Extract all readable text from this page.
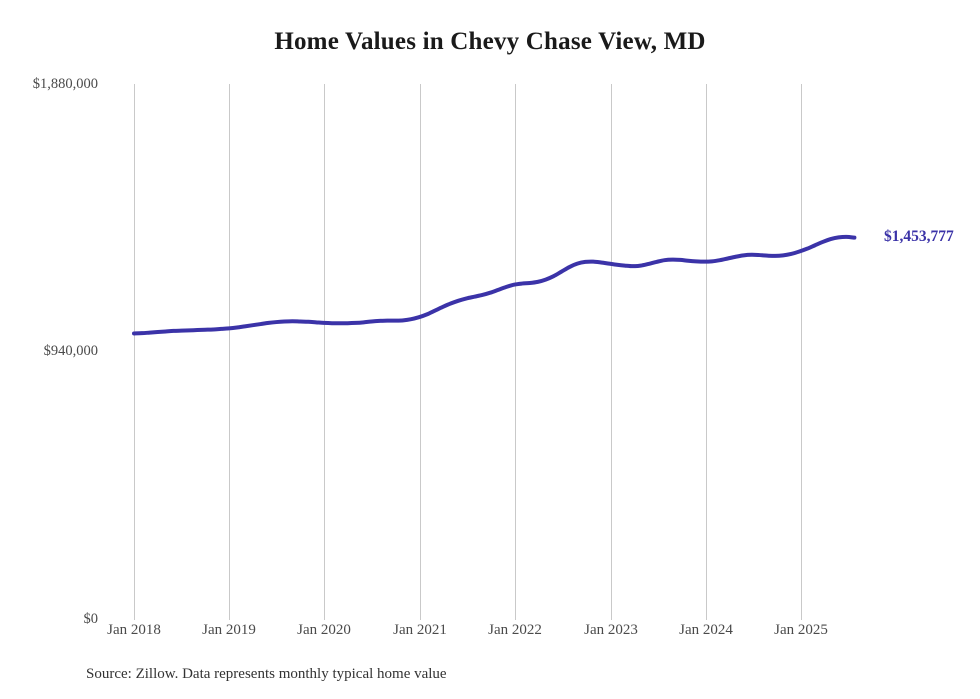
Home Values in Chevy Chase View, MD
$1,880,000
$940,000
$0
Jan 2018	Jan 2019	Jan 2020	Jan 2021	Jan 2022	Jan 2023	Jan 2024	Jan 2025
$1,453,777
Source: Zillow. Data represents monthly typical home value
